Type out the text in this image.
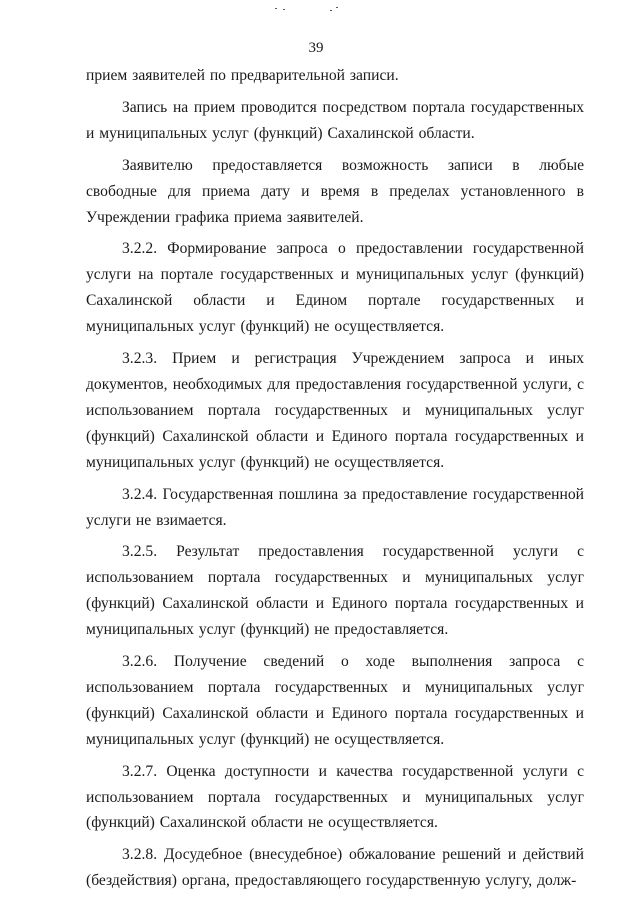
39

прием заявителей по предварительной записи.

Запись на прием проводится посредством портала государственных и муниципальных услуг (функций) Сахалинской области.

Заявителю предоставляется возможность записи в любые свободные для приема дату и время в пределах установленного в Учреждении графика приема заявителей.

3.2.2. Формирование запроса о предоставлении государственной услуги на портале государственных и муниципальных услуг (функций) Сахалинской области и Едином портале государственных и муниципальных услуг (функций) не осуществляется.

3.2.3. Прием и регистрация Учреждением запроса и иных документов, необходимых для предоставления государственной услуги, с использованием портала государственных и муниципальных услуг (функций) Сахалинской области и Единого портала государственных и муниципальных услуг (функций) не осуществляется.

3.2.4. Государственная пошлина за предоставление государственной услуги не взимается.

3.2.5. Результат предоставления государственной услуги с использованием портала государственных и муниципальных услуг (функций) Сахалинской области и Единого портала государственных и муниципальных услуг (функций) не предоставляется.

3.2.6. Получение сведений о ходе выполнения запроса с использованием портала государственных и муниципальных услуг (функций) Сахалинской области и Единого портала государственных и муниципальных услуг (функций) не осуществляется.

3.2.7. Оценка доступности и качества государственной услуги с использованием портала государственных и муниципальных услуг (функций) Сахалинской области не осуществляется.

3.2.8. Досудебное (внесудебное) обжалование решений и действий (бездействия) органа, предоставляющего государственную услугу, долж-
